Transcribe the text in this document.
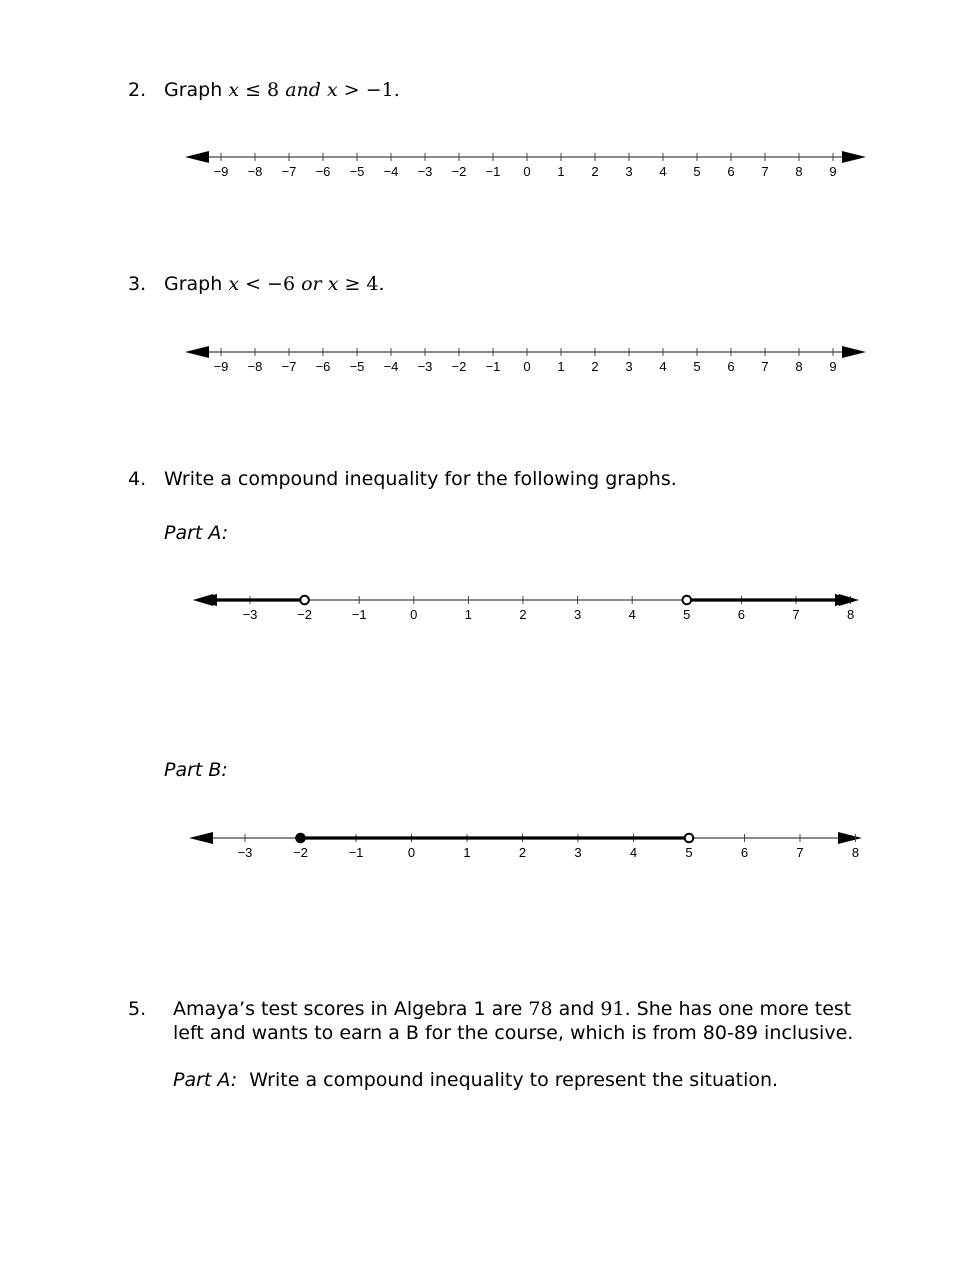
2. Graph x ≤ 8 and x > −1.
−9 −8 −7 −6 −5 −4 −3 −2 −1 0 1 2 3 4 5 6 7 8 9
3. Graph x < −6 or x ≥ 4.
−9 −8 −7 −6 −5 −4 −3 −2 −1 0 1 2 3 4 5 6 7 8 9
4. Write a compound inequality for the following graphs.
Part A:
−3	−2	−1	0	1	2	3	4	5	6	7	8
Part B:
−3	−2	−1	0	1	2	3	4	5	6	7	8
5. Amaya’s test scores in Algebra 1 are 78 and 91. She has one more test
left and wants to earn a B for the course, which is from 80-89 inclusive.
Part A: Write a compound inequality to represent the situation.
